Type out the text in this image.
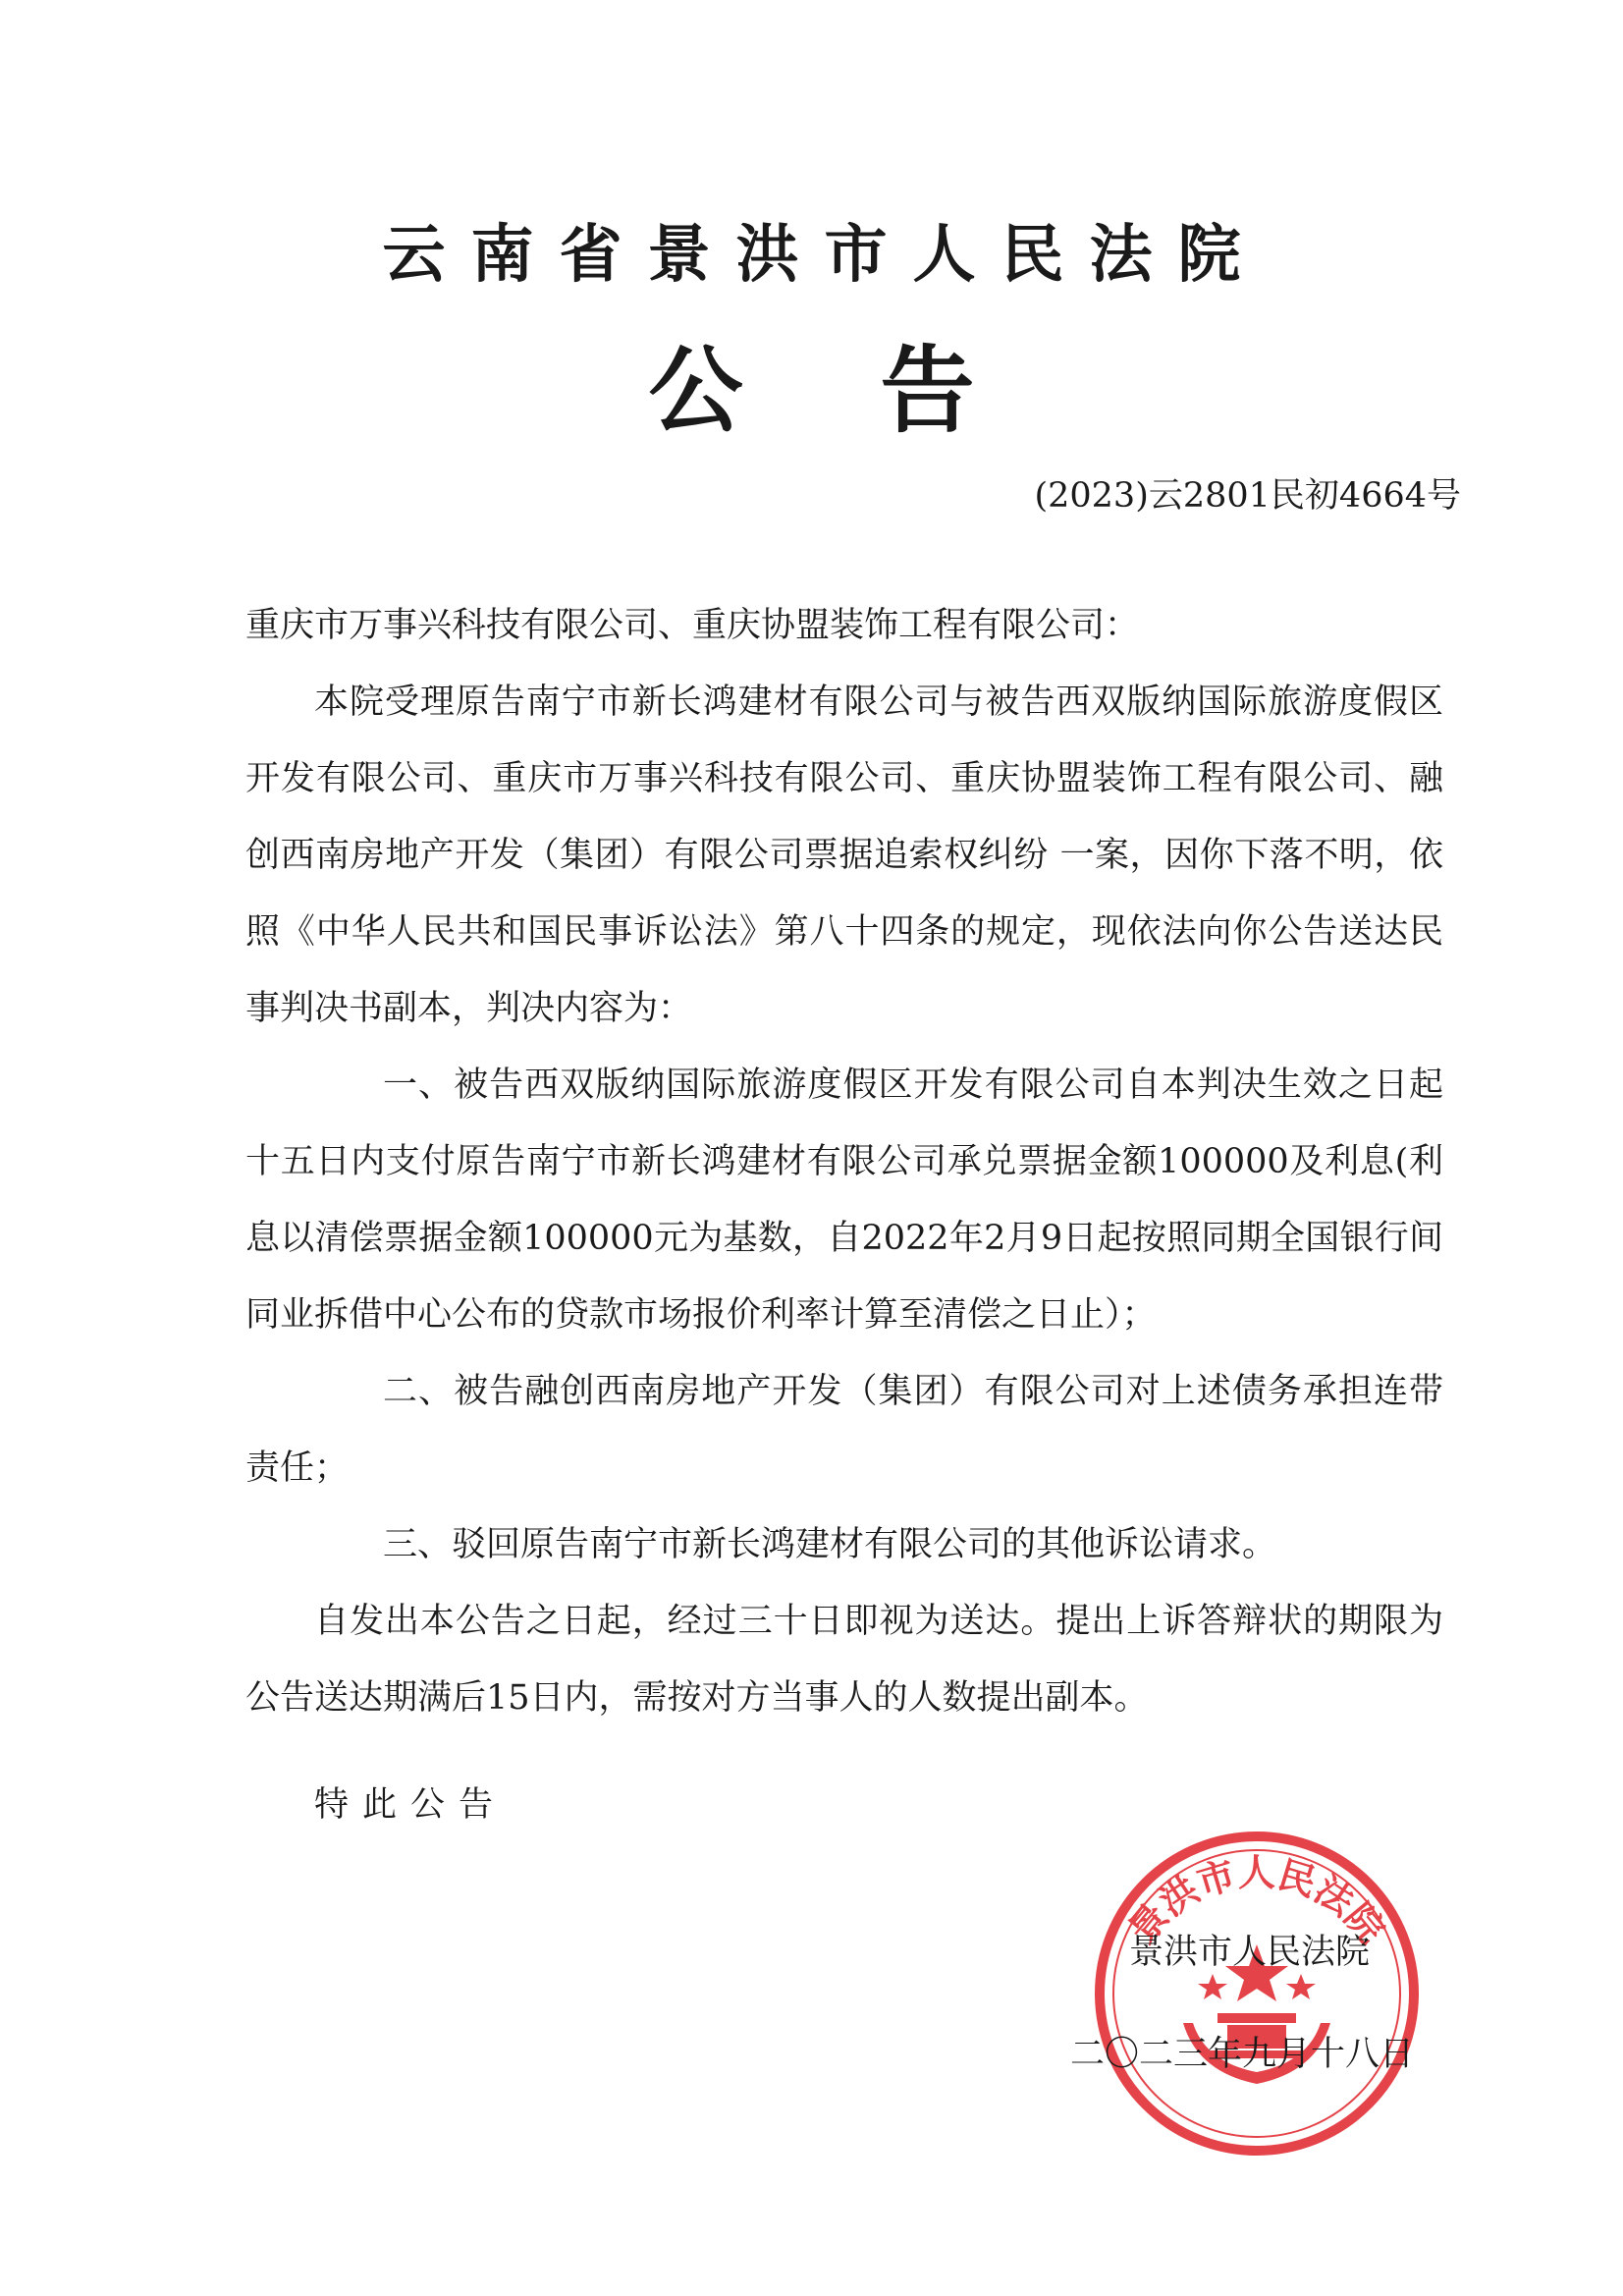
云南省景洪市人民法院
公告
(2023)云2801民初4664号

重庆市万事兴科技有限公司、重庆协盟装饰工程有限公司：

本院受理原告南宁市新长鸿建材有限公司与被告西双版纳国际旅游度假区开发有限公司、重庆市万事兴科技有限公司、重庆协盟装饰工程有限公司、融创西南房地产开发（集团）有限公司票据追索权纠纷 一案，因你下落不明，依照《中华人民共和国民事诉讼法》第八十四条的规定，现依法向你公告送达民事判决书副本，判决内容为：

一、被告西双版纳国际旅游度假区开发有限公司自本判决生效之日起十五日内支付原告南宁市新长鸿建材有限公司承兑票据金额100000及利息(利息以清偿票据金额100000元为基数，自2022年2月9日起按照同期全国银行间同业拆借中心公布的贷款市场报价利率计算至清偿之日止）；

二、被告融创西南房地产开发（集团）有限公司对上述债务承担连带责任；

三、驳回原告南宁市新长鸿建材有限公司的其他诉讼请求。

自发出本公告之日起，经过三十日即视为送达。提出上诉答辩状的期限为公告送达期满后15日内，需按对方当事人的人数提出副本。

特此公告
景洪市人民法院
景洪市人民法院
二〇二三年九月十八日
